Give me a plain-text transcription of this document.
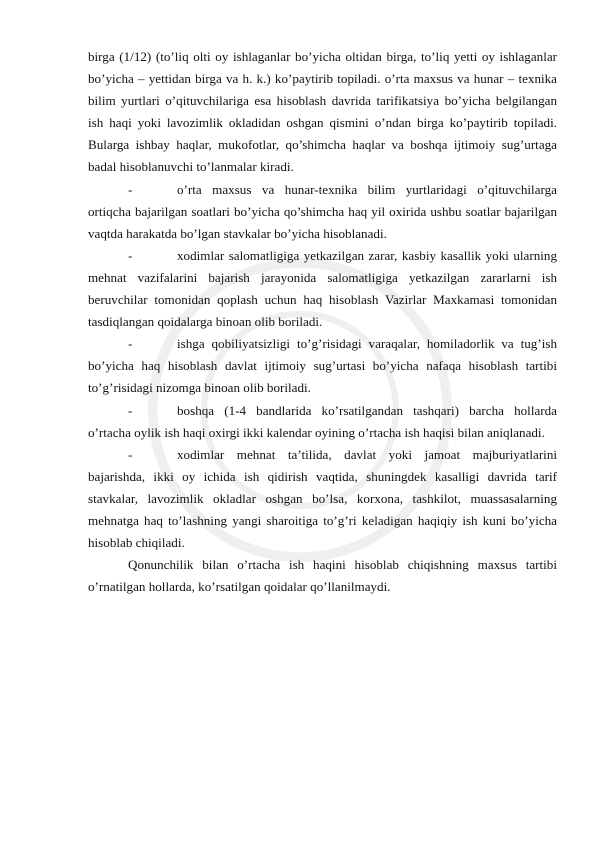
birga (1/12) (to’liq olti oy ishlaganlar bo’yicha oltidan birga, to’liq yetti oy ishlaganlar bo’yicha – yettidan birga va h. k.) ko’paytirib topiladi. o’rta maxsus va hunar – texnika bilim yurtlari o’qituvchilariga esa hisoblash davrida tarifikatsiya bo’yicha belgilangan ish haqi yoki lavozimlik okladidan oshgan qismini o’ndan birga ko’paytirib topiladi. Bularga ishbay haqlar, mukofotlar, qo’shimcha haqlar va boshqa ijtimoiy sug’urtaga badal hisoblanuvchi to’lanmalar kiradi.

-	o’rta maxsus va hunar-texnika bilim yurtlaridagi o’qituvchilarga ortiqcha bajarilgan soatlari bo’yicha qo’shimcha haq yil oxirida ushbu soatlar bajarilgan vaqtda harakatda bo’lgan stavkalar bo’yicha hisoblanadi.

-	xodimlar salomatligiga yetkazilgan zarar, kasbiy kasallik yoki ularning mehnat vazifalarini bajarish jarayonida salomatligiga yetkazilgan zararlarni ish beruvchilar tomonidan qoplash uchun haq hisoblash Vazirlar Maxkamasi tomonidan tasdiqlangan qoidalarga binoan olib boriladi.

-	ishga qobiliyatsizligi to’g’risidagi varaqalar, homiladorlik va tug’ish bo’yicha haq hisoblash davlat ijtimoiy sug’urtasi bo’yicha nafaqa hisoblash tartibi to’g’risidagi nizomga binoan olib boriladi.

-	boshqa (1-4 bandlarida ko’rsatilgandan tashqari) barcha hollarda o’rtacha oylik ish haqi oxirgi ikki kalendar oyining o’rtacha ish haqisi bilan aniqlanadi.

-	xodimlar mehnat ta’tilida, davlat yoki jamoat majburiyatlarini bajarishda, ikki oy ichida ish qidirish vaqtida, shuningdek kasalligi davrida tarif stavkalar, lavozimlik okladlar oshgan bo’lsa, korxona, tashkilot, muassasalarning mehnatga haq to’lashning yangi sharoitiga to’g’ri keladigan haqiqiy ish kuni bo’yicha hisoblab chiqiladi.

Qonunchilik bilan o’rtacha ish haqini hisoblab chiqishning maxsus tartibi o’rnatilgan hollarda, ko’rsatilgan qoidalar qo’llanilmaydi.
